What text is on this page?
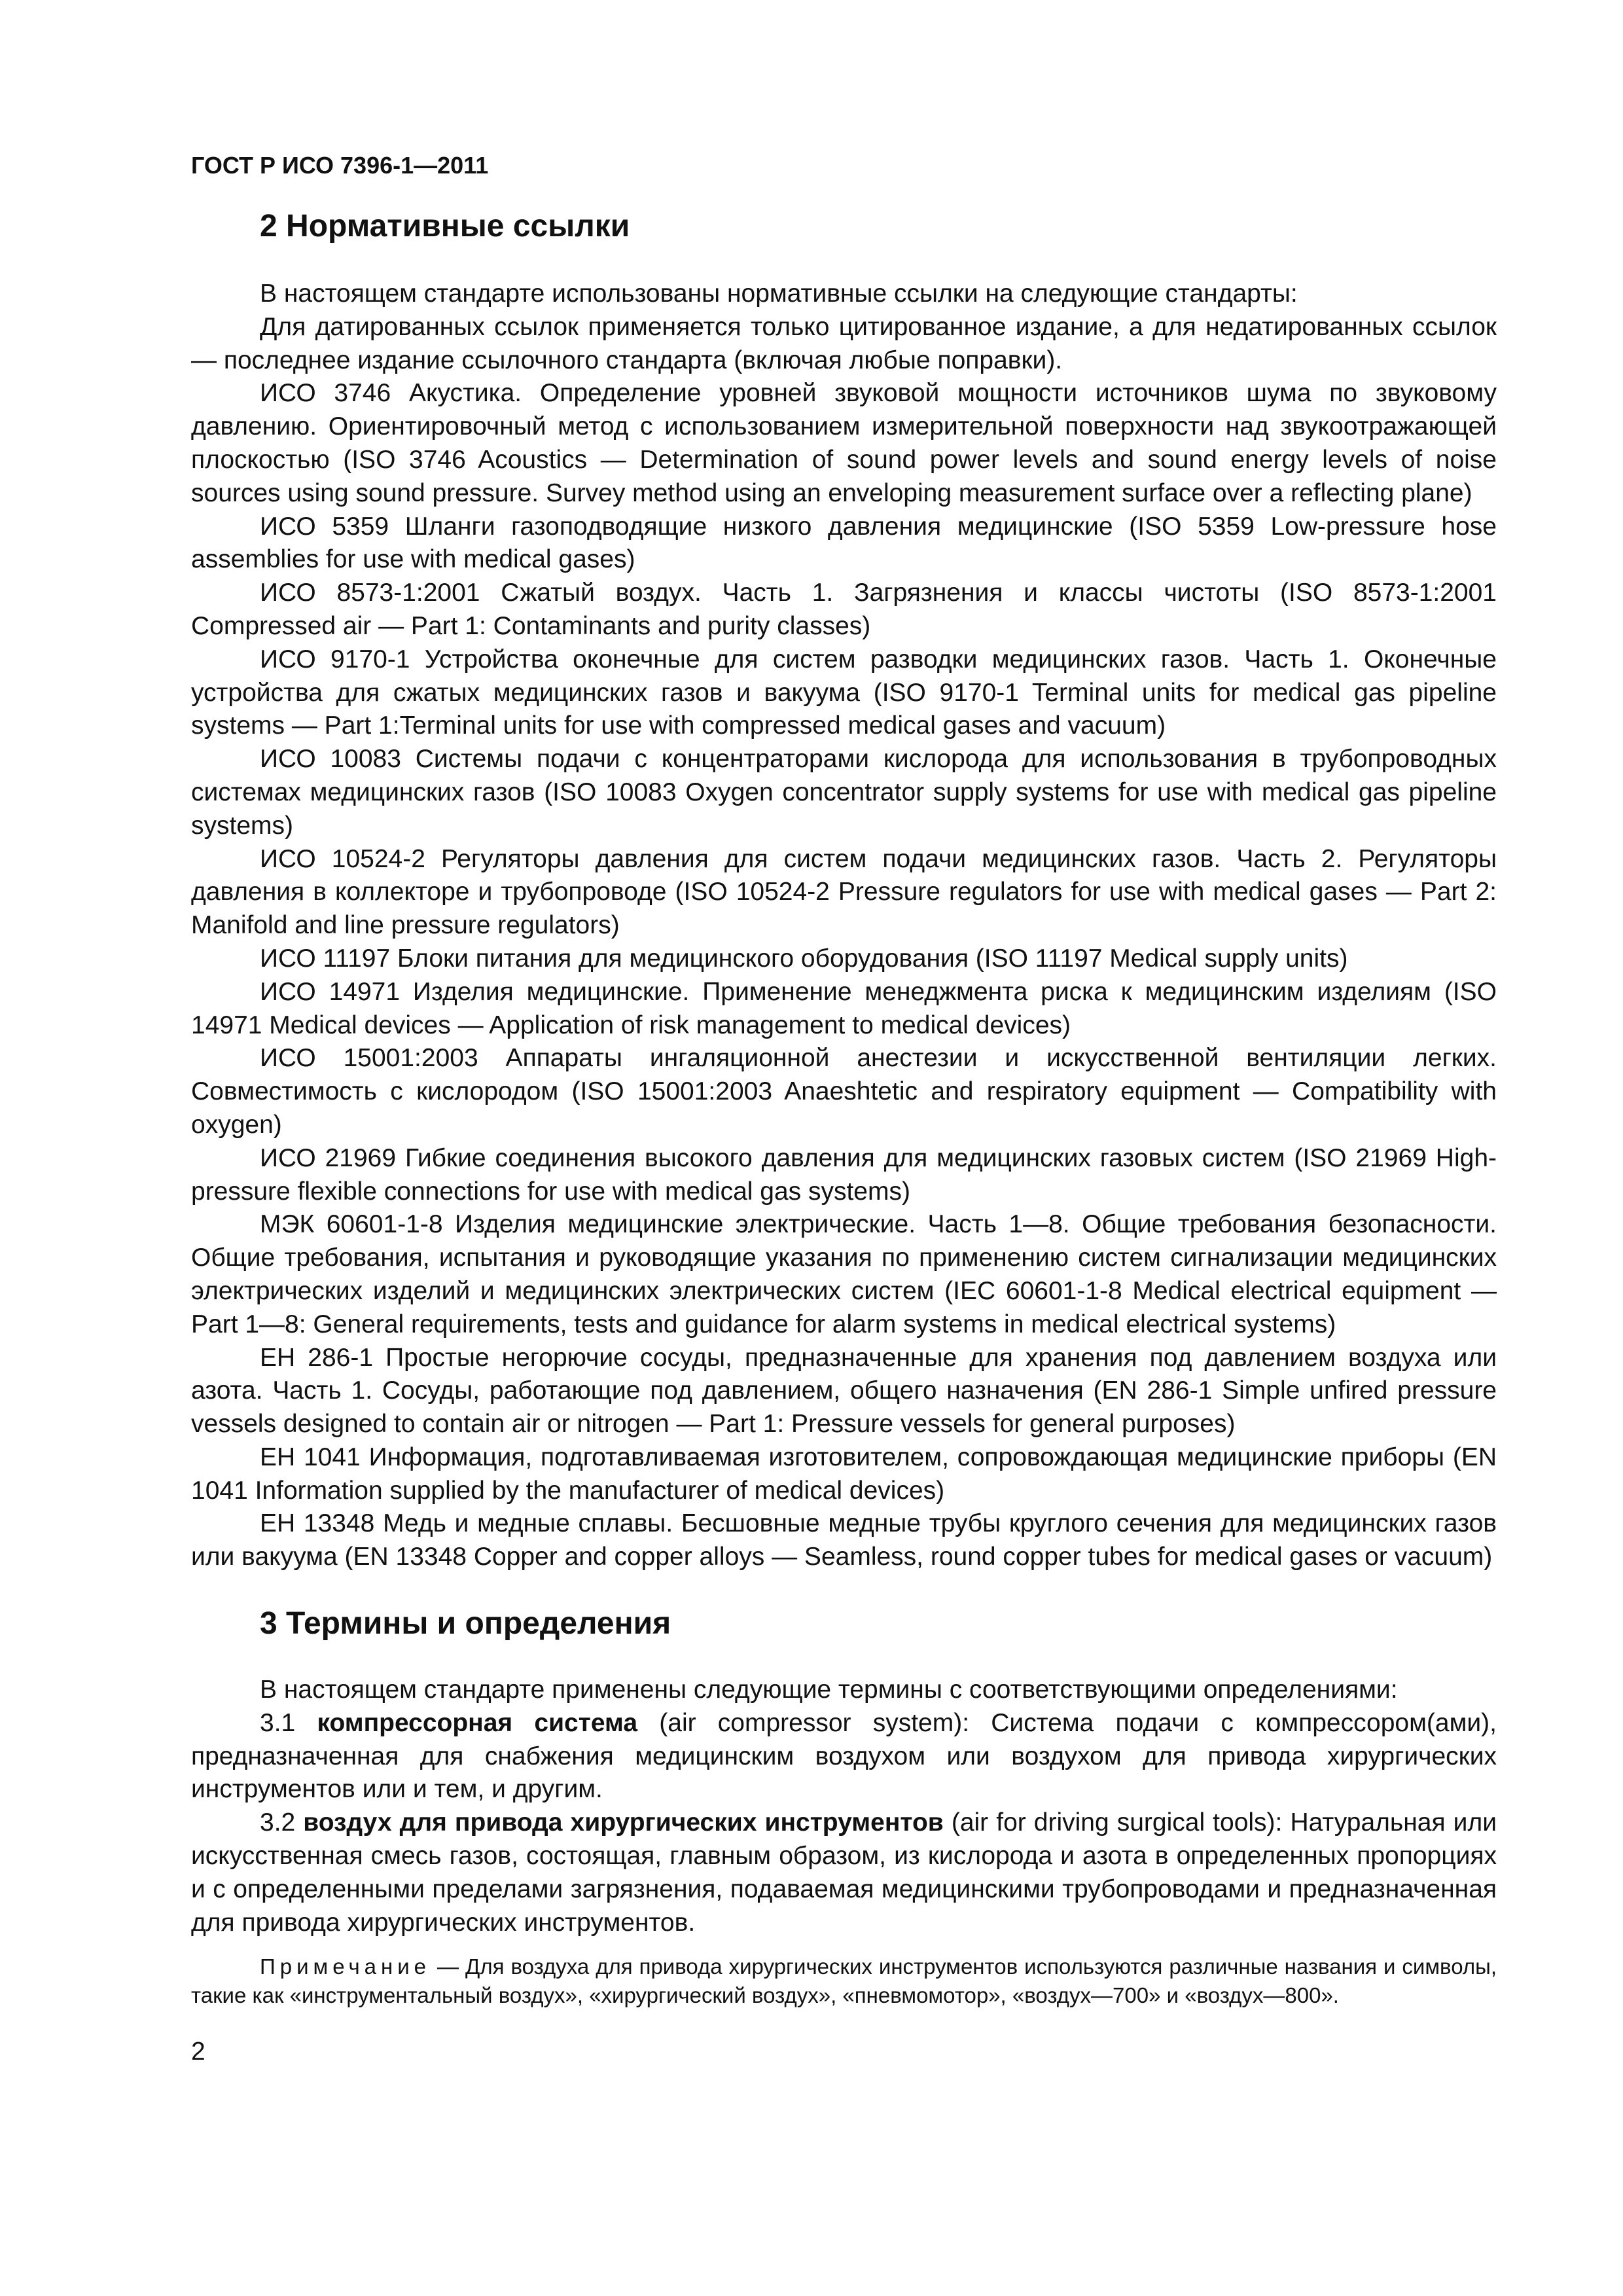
ГОСТ Р ИСО 7396-1—2011
2 Нормативные ссылки

В настоящем стандарте использованы нормативные ссылки на следующие стандарты:

Для датированных ссылок применяется только цитированное издание, а для недатированных ссылок — последнее издание ссылочного стандарта (включая любые поправки).

ИСО 3746 Акустика. Определение уровней звуковой мощности источников шума по звуковому давлению. Ориентировочный метод с использованием измерительной поверхности над звукоотражающей плоскостью (ISO 3746 Acoustics — Determination of sound power levels and sound energy levels of noise sources using sound pressure. Survey method using an enveloping measurement surface over a reflecting plane)

ИСО 5359 Шланги газоподводящие низкого давления медицинские (ISO 5359 Low-pressure hose assemblies for use with medical gases)

ИСО 8573-1:2001 Сжатый воздух. Часть 1. Загрязнения и классы чистоты (ISO 8573-1:2001 Compressed air — Part 1: Contaminants and purity classes)

ИСО 9170-1 Устройства оконечные для систем разводки медицинских газов. Часть 1. Оконечные устройства для сжатых медицинских газов и вакуума (ISO 9170-1 Terminal units for medical gas pipeline systems — Part 1:Terminal units for use with compressed medical gases and vacuum)

ИСО 10083 Системы подачи с концентраторами кислорода для использования в трубопроводных системах медицинских газов (ISO 10083 Oxygen concentrator supply systems for use with medical gas pipeline systems)

ИСО 10524-2 Регуляторы давления для систем подачи медицинских газов. Часть 2. Регуляторы давления в коллекторе и трубопроводе (ISO 10524-2 Pressure regulators for use with medical gases — Part 2: Manifold and line pressure regulators)

ИСО 11197 Блоки питания для медицинского оборудования (ISO 11197 Medical supply units)

ИСО 14971 Изделия медицинские. Применение менеджмента риска к медицинским изделиям (ISO 14971 Medical devices — Application of risk management to medical devices)

ИСО 15001:2003 Аппараты ингаляционной анестезии и искусственной вентиляции легких. Совместимость с кислородом (ISO 15001:2003 Anaeshtetic and respiratory equipment — Compatibility with oxygen)

ИСО 21969 Гибкие соединения высокого давления для медицинских газовых систем (ISO 21969 High-pressure flexible connections for use with medical gas systems)

МЭК 60601-1-8 Изделия медицинские электрические. Часть 1—8. Общие требования безопасности. Общие требования, испытания и руководящие указания по применению систем сигнализации медицинских электрических изделий и медицинских электрических систем (IEC 60601-1-8 Medical electrical equipment — Part 1—8: General requirements, tests and guidance for alarm systems in medical electrical systems)

ЕН 286-1 Простые негорючие сосуды, предназначенные для хранения под давлением воздуха или азота. Часть 1. Сосуды, работающие под давлением, общего назначения (EN 286-1 Simple unfired pressure vessels designed to contain air or nitrogen — Part 1: Pressure vessels for general purposes)

ЕН 1041 Информация, подготавливаемая изготовителем, сопровождающая медицинские приборы (EN 1041 Information supplied by the manufacturer of medical devices)

ЕН 13348 Медь и медные сплавы. Бесшовные медные трубы круглого сечения для медицинских газов или вакуума (EN 13348 Copper and copper alloys — Seamless, round copper tubes for medical gases or vacuum)

3 Термины и определения

В настоящем стандарте применены следующие термины с соответствующими определениями:

3.1 компрессорная система (air compressor system): Система подачи с компрессором(ами), предназначенная для снабжения медицинским воздухом или воздухом для привода хирургических инструментов или и тем, и другим.

3.2 воздух для привода хирургических инструментов (air for driving surgical tools): Натуральная или искусственная смесь газов, состоящая, главным образом, из кислорода и азота в определенных пропорциях и с определенными пределами загрязнения, подаваемая медицинскими трубопроводами и предназначенная для привода хирургических инструментов.

Примечание — Для воздуха для привода хирургических инструментов используются различные названия и символы, такие как «инструментальный воздух», «хирургический воздух», «пневмомотор», «воздух—700» и «воздух—800».

2
